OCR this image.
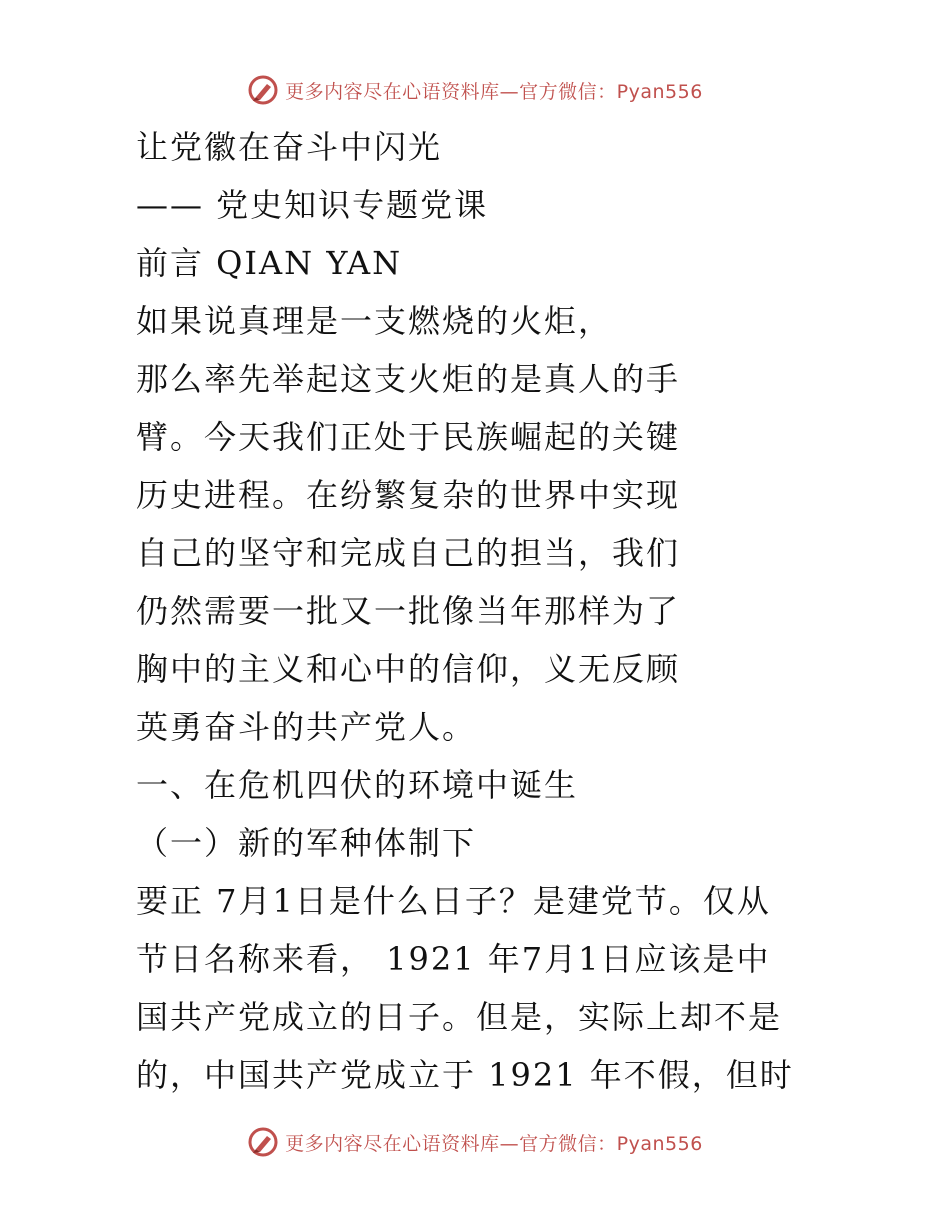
更多内容尽在心语资料库—官方微信：Pyan556
让党徽在奋斗中闪光
—— 党史知识专题党课
前言 QIAN YAN
如果说真理是一支燃烧的火炬，
那么率先举起这支火炬的是真人的手
臂。今天我们正处于民族崛起的关键
历史进程。在纷繁复杂的世界中实现
自己的坚守和完成自己的担当，我们
仍然需要一批又一批像当年那样为了
胸中的主义和心中的信仰，义无反顾
英勇奋斗的共产党人。
一、在危机四伏的环境中诞生
（一）新的军种体制下
要正 7月1日是什么日子？是建党节。仅从
节日名称来看， 1921 年7月1日应该是中
国共产党成立的日子。但是，实际上却不是
的，中国共产党成立于 1921 年不假，但时
更多内容尽在心语资料库—官方微信：Pyan556
